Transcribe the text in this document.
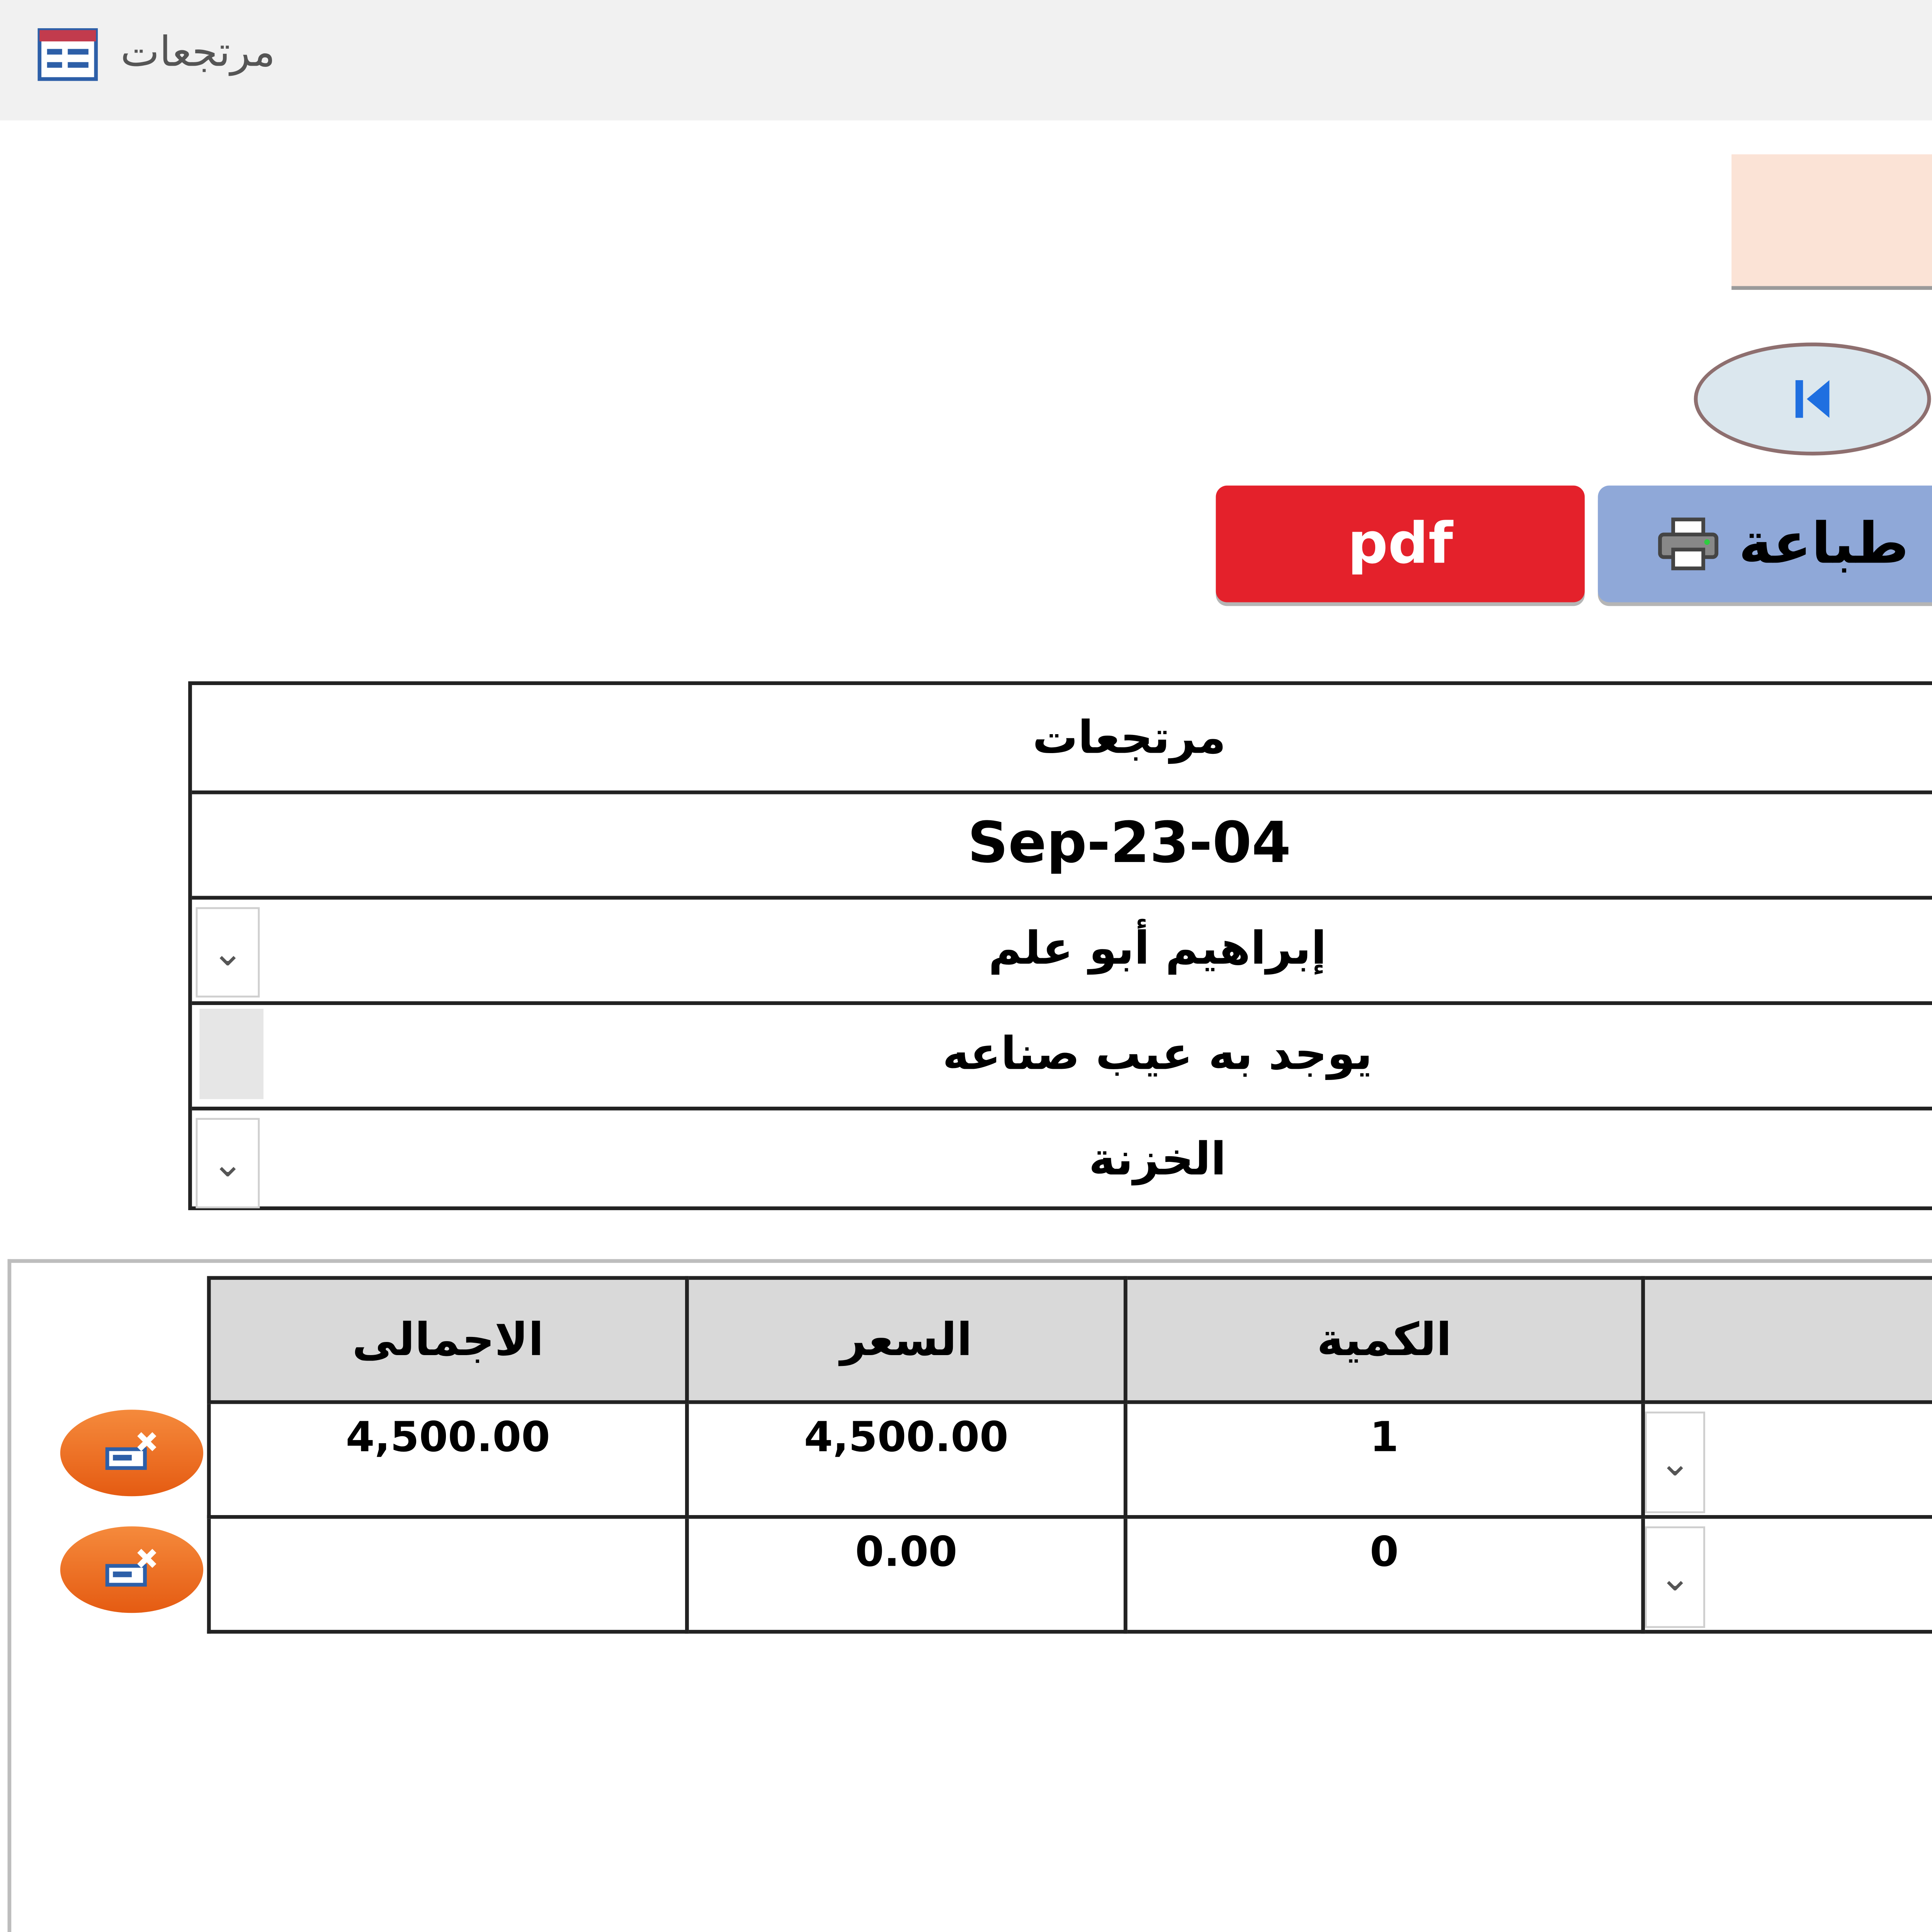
مرتجعات
طباعة
pdf
مرتجعات
04-Sep-23
إبراهيم أبو علم
⌄
يوجد به عيب صناعه
الخزنة
⌄
الكمية
السعر
الاجمالى
⌄
1
4,500.00
4,500.00
⌄
0
0.00
